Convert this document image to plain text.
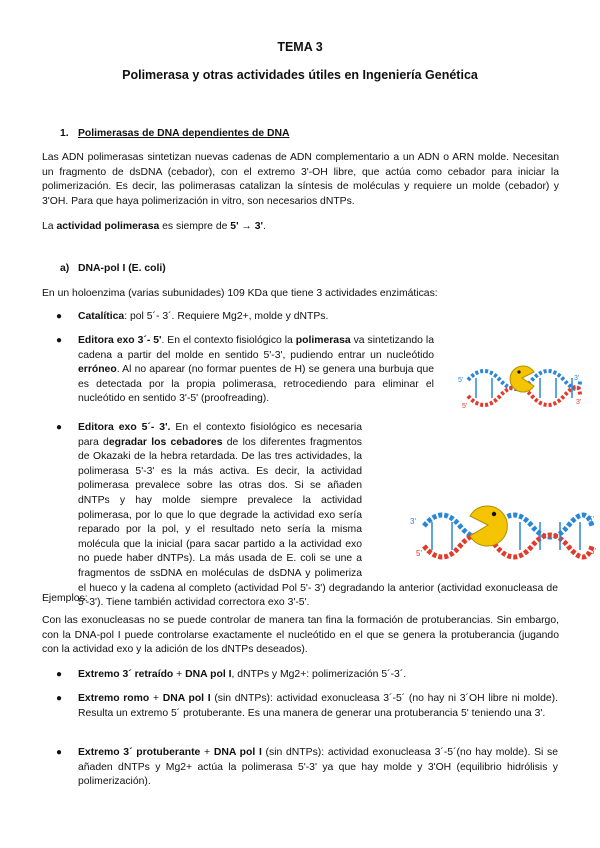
TEMA 3
Polimerasa y otras actividades útiles en Ingeniería Genética
1. Polimerasas de DNA dependientes de DNA
Las ADN polimerasas sintetizan nuevas cadenas de ADN complementario a un ADN o ARN molde. Necesitan un fragmento de dsDNA (cebador), con el extremo 3'-OH libre, que actúa como cebador para iniciar la polimerización. Es decir, las polimerasas catalizan la síntesis de moléculas y requiere un molde (cebador) y 3'OH. Para que haya polimerización in vitro, son necesarios dNTPs.
La actividad polimerasa es siempre de 5' → 3'.
a) DNA-pol I (E. coli)
En un holoenzima (varias subunidades) 109 KDa que tiene 3 actividades enzimáticas:
● Catalítica: pol 5´- 3´. Requiere Mg2+, molde y dNTPs.
● Editora exo 3´- 5'. En el contexto fisiológico la polimerasa va sintetizando la cadena a partir del molde en sentido 5'-3', pudiendo entrar un nucleótido erróneo. Al no aparear (no formar puentes de H) se genera una burbuja que es detectada por la propia polimerasa, retrocediendo para eliminar el nucleótido en sentido 3'-5' (proofreading).
5'	3'
5'
3'
● Editora exo 5´- 3'. En el contexto fisiológico es necesaria para degradar los cebadores de los diferentes fragmentos de Okazaki de la hebra retardada. De las tres actividades, la polimerasa 5'-3' es la más activa. Es decir, la actividad polimerasa prevalece sobre las otras dos. Si se añaden dNTPs y hay molde siempre prevalece la actividad polimerasa, por lo que lo que degrade la actividad exo sería reparado por la pol, y el resultado neto sería la misma molécula que la inicial (para sacar partido a la actividad exo no puede haber dNTPs). La más usada de E. coli se une a fragmentos de ssDNA en moléculas de dsDNA y polimeriza el hueco y la cadena al completo (actividad Pol 5'- 3') degradando la anterior (actividad exonucleasa de 5'-3'). Tiene también actividad correctora exo 3'-5'.
3'	5'
5'	3'
Ejemplos:
Con las exonucleasas no se puede controlar de manera tan fina la formación de protuberancias. Sin embargo, con la DNA-pol I puede controlarse exactamente el nucleótido en el que se genera la protuberancia (jugando con la actividad exo y la adición de los dNTPs deseados).
● Extremo 3´ retraído + DNA pol I, dNTPs y Mg2+: polimerización 5´-3´.
● Extremo romo + DNA pol I (sin dNTPs): actividad exonucleasa 3´-5´ (no hay ni 3´OH libre ni molde). Resulta un extremo 5´ protuberante. Es una manera de generar una protuberancia 5' teniendo una 3'.
● Extremo 3´ protuberante + DNA pol I (sin dNTPs): actividad exonucleasa 3´-5´(no hay molde). Si se añaden dNTPs y Mg2+ actúa la polimerasa 5'-3' ya que hay molde y 3'OH (equilibrio hidrólisis y polimerización).
